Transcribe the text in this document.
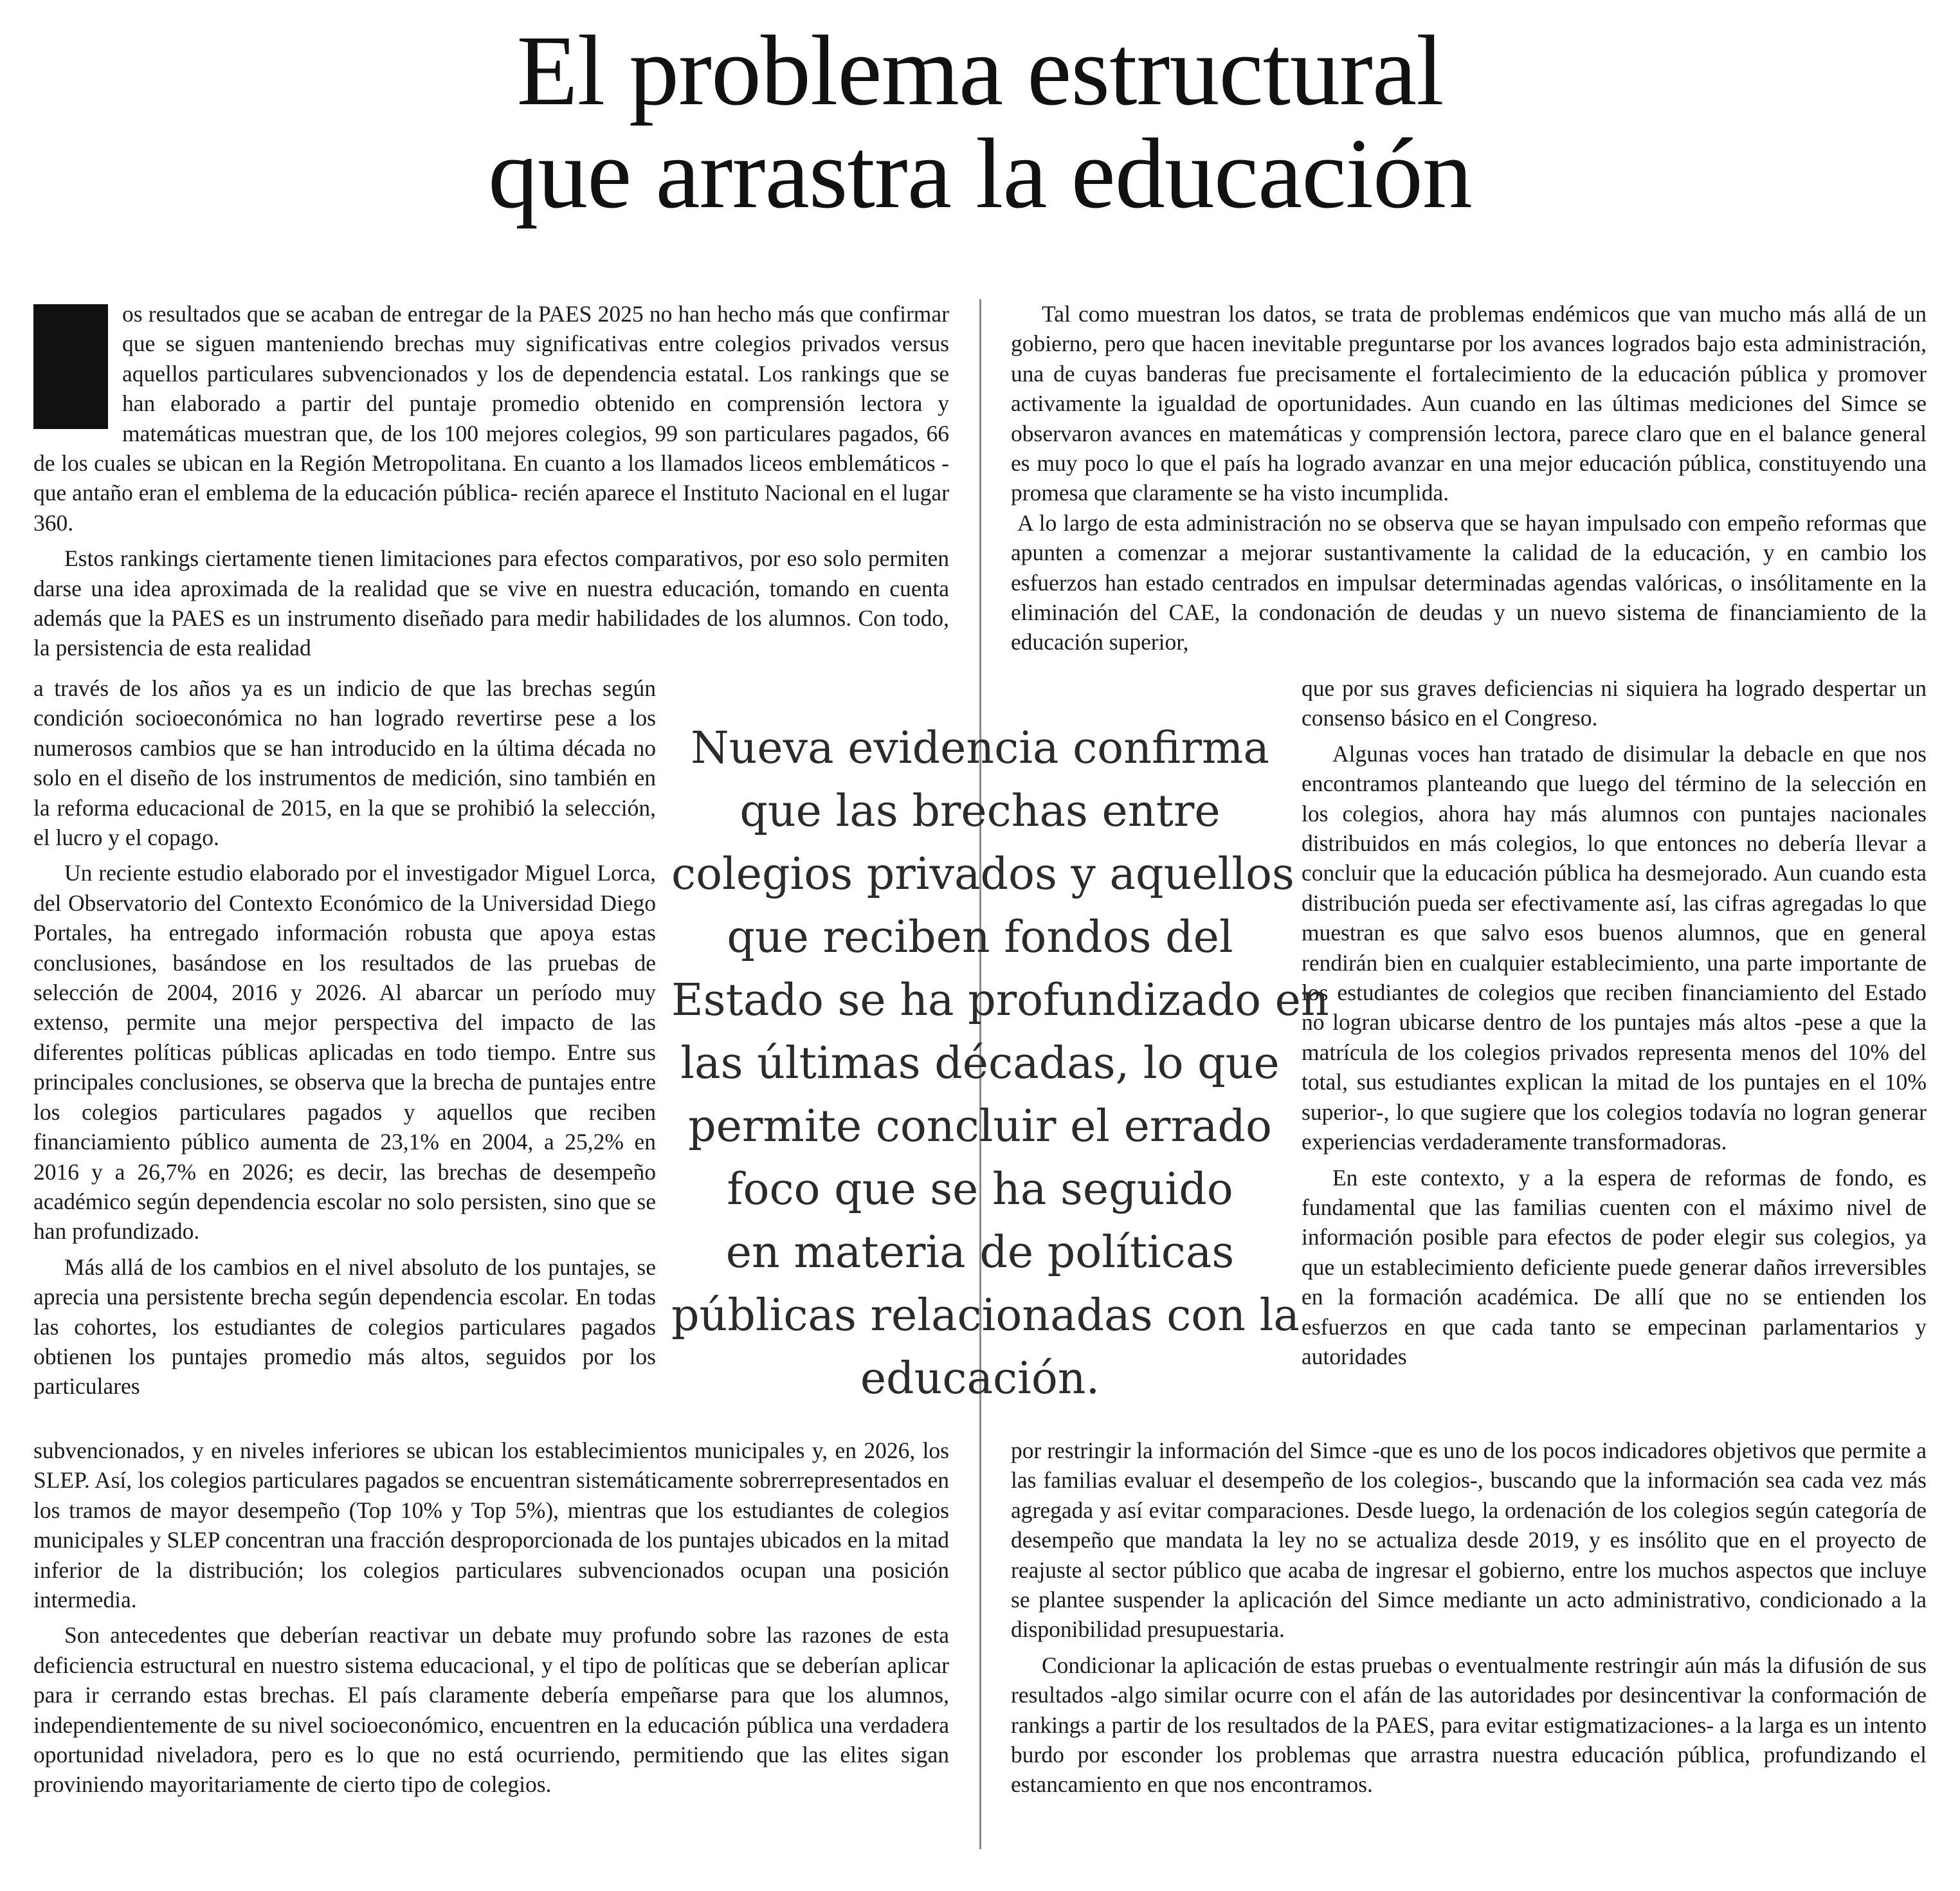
El problema estructural
que arrastra la educación

os resultados que se acaban de entregar de la PAES 2025 no han hecho más que confirmar que se siguen manteniendo brechas muy significativas entre colegios privados versus aquellos particulares subvencionados y los de dependencia estatal. Los rankings que se han elaborado a partir del puntaje promedio obtenido en comprensión lectora y matemáticas muestran que, de los 100 mejores colegios, 99 son particulares pagados, 66 de los cuales se ubican en la Región Metropolitana. En cuanto a los llamados liceos emblemáticos -que antaño eran el emblema de la educación pública- recién aparece el Instituto Nacional en el lugar 360.

Estos rankings ciertamente tienen limitaciones para efectos comparativos, por eso solo permiten darse una idea aproximada de la realidad que se vive en nuestra educación, tomando en cuenta además que la PAES es un instrumento diseñado para medir habilidades de los alumnos. Con todo, la persistencia de esta realidad

a través de los años ya es un indicio de que las brechas según condición socioeconómica no han logrado revertirse pese a los numerosos cambios que se han introducido en la última década no solo en el diseño de los instrumentos de medición, sino también en la reforma educacional de 2015, en la que se prohibió la selección, el lucro y el copago.

Un reciente estudio elaborado por el investigador Miguel Lorca, del Observatorio del Contexto Económico de la Universidad Diego Portales, ha entregado información robusta que apoya estas conclusiones, basándose en los resultados de las pruebas de selección de 2004, 2016 y 2026. Al abarcar un período muy extenso, permite una mejor perspectiva del impacto de las diferentes políticas públicas aplicadas en todo tiempo. Entre sus principales conclusiones, se observa que la brecha de puntajes entre los colegios particulares pagados y aquellos que reciben financiamiento público aumenta de 23,1% en 2004, a 25,2% en 2016 y a 26,7% en 2026; es decir, las brechas de desempeño académico según dependencia escolar no solo persisten, sino que se han profundizado.

Más allá de los cambios en el nivel absoluto de los puntajes, se aprecia una persistente brecha según dependencia escolar. En todas las cohortes, los estudiantes de colegios particulares pagados obtienen los puntajes promedio más altos, seguidos por los particulares

subvencionados, y en niveles inferiores se ubican los establecimientos municipales y, en 2026, los SLEP. Así, los colegios particulares pagados se encuentran sistemáticamente sobrerrepresentados en los tramos de mayor desempeño (Top 10% y Top 5%), mientras que los estudiantes de colegios municipales y SLEP concentran una fracción desproporcionada de los puntajes ubicados en la mitad inferior de la distribución; los colegios particulares subvencionados ocupan una posición intermedia.

Son antecedentes que deberían reactivar un debate muy profundo sobre las razones de esta deficiencia estructural en nuestro sistema educacional, y el tipo de políticas que se deberían aplicar para ir cerrando estas brechas. El país claramente debería empeñarse para que los alumnos, independientemente de su nivel socioeconómico, encuentren en la educación pública una verdadera oportunidad niveladora, pero es lo que no está ocurriendo, permitiendo que las elites sigan proviniendo mayoritariamente de cierto tipo de colegios.

Tal como muestran los datos, se trata de problemas endémicos que van mucho más allá de un gobierno, pero que hacen inevitable preguntarse por los avances logrados bajo esta administración, una de cuyas banderas fue precisamente el fortalecimiento de la educación pública y promover activamente la igualdad de oportunidades. Aun cuando en las últimas mediciones del Simce se observaron avances en matemáticas y comprensión lectora, parece claro que en el balance general es muy poco lo que el país ha logrado avanzar en una mejor educación pública, constituyendo una promesa que claramente se ha visto incumplida.

A lo largo de esta administración no se observa que se hayan impulsado con empeño reformas que apunten a comenzar a mejorar sustantivamente la calidad de la educación, y en cambio los esfuerzos han estado centrados en impulsar determinadas agendas valóricas, o insólitamente en la eliminación del CAE, la condonación de deudas y un nuevo sistema de financiamiento de la educación superior,

que por sus graves deficiencias ni siquiera ha logrado despertar un consenso básico en el Congreso.

Algunas voces han tratado de disimular la debacle en que nos encontramos planteando que luego del término de la selección en los colegios, ahora hay más alumnos con puntajes nacionales distribuidos en más colegios, lo que entonces no debería llevar a concluir que la educación pública ha desmejorado. Aun cuando esta distribución pueda ser efectivamente así, las cifras agregadas lo que muestran es que salvo esos buenos alumnos, que en general rendirán bien en cualquier establecimiento, una parte importante de los estudiantes de colegios que reciben financiamiento del Estado no logran ubicarse dentro de los puntajes más altos -pese a que la matrícula de los colegios privados representa menos del 10% del total, sus estudiantes explican la mitad de los puntajes en el 10% superior-, lo que sugiere que los colegios todavía no logran generar experiencias verdaderamente transformadoras.

En este contexto, y a la espera de reformas de fondo, es fundamental que las familias cuenten con el máximo nivel de información posible para efectos de poder elegir sus colegios, ya que un establecimiento deficiente puede generar daños irreversibles en la formación académica. De allí que no se entienden los esfuerzos en que cada tanto se empecinan parlamentarios y autoridades

por restringir la información del Simce -que es uno de los pocos indicadores objetivos que permite a las familias evaluar el desempeño de los colegios-, buscando que la información sea cada vez más agregada y así evitar comparaciones. Desde luego, la ordenación de los colegios según categoría de desempeño que mandata la ley no se actualiza desde 2019, y es insólito que en el proyecto de reajuste al sector público que acaba de ingresar el gobierno, entre los muchos aspectos que incluye se plantee suspender la aplicación del Simce mediante un acto administrativo, condicionado a la disponibilidad presupuestaria.

Condicionar la aplicación de estas pruebas o eventualmente restringir aún más la difusión de sus resultados -algo similar ocurre con el afán de las autoridades por desincentivar la conformación de rankings a partir de los resultados de la PAES, para evitar estigmatizaciones- a la larga es un intento burdo por esconder los problemas que arrastra nuestra educación pública, profundizando el estancamiento en que nos encontramos.

Nueva evidencia confirma
que las brechas entre
colegios privados y aquellos
que reciben fondos del
Estado se ha profundizado en
las últimas décadas, lo que
permite concluir el errado
foco que se ha seguido
en materia de políticas
públicas relacionadas con la
educación.
